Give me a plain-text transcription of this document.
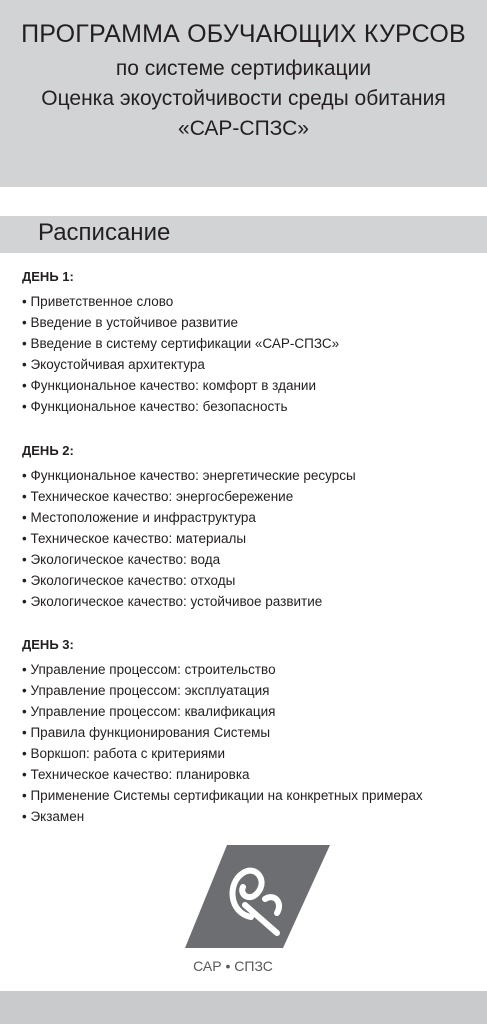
ПРОГРАММА ОБУЧАЮЩИХ КУРСОВ
по системе сертификации
Оценка экоустойчивости среды обитания
«САР-СПЗС»
Расписание
ДЕНЬ 1:
• Приветственное слово
• Введение в устойчивое развитие
• Введение в систему сертификации «САР-СПЗС»
• Экоустойчивая архитектура
• Функциональное качество: комфорт в здании
• Функциональное качество: безопасность
ДЕНЬ 2:
• Функциональное качество: энергетические ресурсы
• Техническое качество: энергосбережение
• Местоположение и инфраструктура
• Техническое качество: материалы
• Экологическое качество: вода
• Экологическое качество: отходы
• Экологическое качество: устойчивое развитие
ДЕНЬ 3:
• Управление процессом: строительство
• Управление процессом: эксплуатация
• Управление процессом: квалификация
• Правила функционирования Системы
• Воркшоп: работа с критериями
• Техническое качество: планировка
• Применение Системы сертификации на конкретных примерах
• Экзамен
2013
САР • СПЗС
